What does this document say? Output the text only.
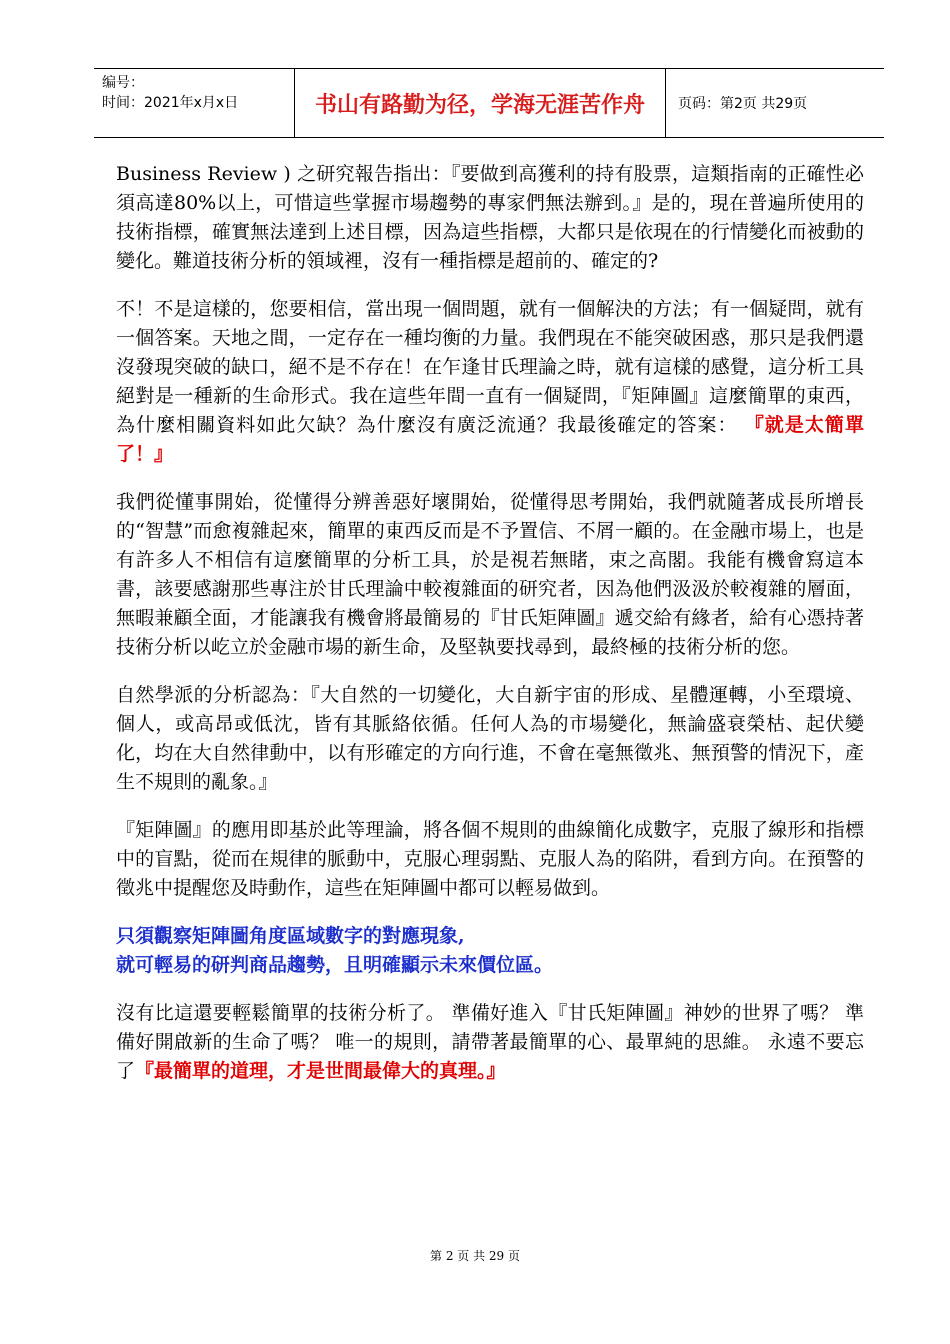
编号：
时间：2021年x月x日	书山有路勤为径，学海无涯苦作舟	页码：第2页 共29页

Business Review ) 之研究報告指出：『要做到高獲利的持有股票，這類指南的正確性必須高達80%以上，可惜這些掌握市場趨勢的專家們無法辦到。』是的，現在普遍所使用的技術指標，確實無法達到上述目標，因為這些指標，大都只是依現在的行情變化而被動的變化。難道技術分析的領域裡，沒有一種指標是超前的、確定的?

不！不是這樣的，您要相信，當出現一個問題，就有一個解決的方法；有一個疑問，就有一個答案。天地之間，一定存在一種均衡的力量。我們現在不能突破困惑，那只是我們還沒發現突破的缺口，絕不是不存在！在乍逢甘氏理論之時，就有這樣的感覺，這分析工具絕對是一種新的生命形式。我在這些年間一直有一個疑問，『矩陣圖』這麼簡單的東西，為什麼相關資料如此欠缺？為什麼沒有廣泛流通？我最後確定的答案： 『就是太簡單了！』

我們從懂事開始，從懂得分辨善惡好壞開始，從懂得思考開始，我們就隨著成長所增長的“智慧”而愈複雜起來，簡單的東西反而是不予置信、不屑一顧的。在金融市場上，也是有許多人不相信有這麼簡單的分析工具，於是視若無睹，束之高閣。我能有機會寫這本書，該要感謝那些專注於甘氏理論中較複雜面的研究者，因為他們汲汲於較複雜的層面，無暇兼顧全面，才能讓我有機會將最簡易的『甘氏矩陣圖』遞交給有緣者，給有心憑持著技術分析以屹立於金融市場的新生命，及堅執要找尋到，最終極的技術分析的您。

自然學派的分析認為：『大自然的一切變化，大自新宇宙的形成、星體運轉，小至環境、個人，或高昂或低沈，皆有其脈絡依循。任何人為的市場變化，無論盛衰榮枯、起伏變化，均在大自然律動中，以有形確定的方向行進，不會在毫無徵兆、無預警的情況下，產生不規則的亂象。』

『矩陣圖』的應用即基於此等理論，將各個不規則的曲線簡化成數字，克服了線形和指標中的盲點，從而在規律的脈動中，克服心理弱點、克服人為的陷阱，看到方向。在預警的徵兆中提醒您及時動作，這些在矩陣圖中都可以輕易做到。

只須觀察矩陣圖角度區域數字的對應現象,
就可輕易的研判商品趨勢，且明確顯示未來價位區。

沒有比這還要輕鬆簡單的技術分析了。 準備好進入『甘氏矩陣圖』神妙的世界了嗎？ 準備好開啟新的生命了嗎？ 唯一的規則，請帶著最簡單的心、最單純的思維。 永遠不要忘了『最簡單的道理，才是世間最偉大的真理。』

第 2 页 共 29 页
